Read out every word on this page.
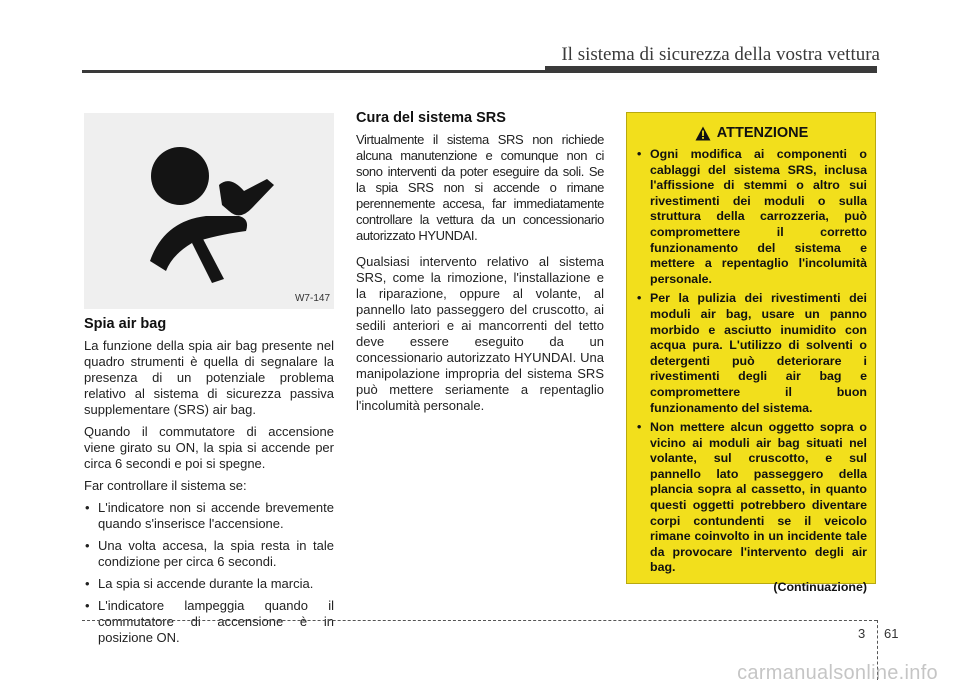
Il sistema di sicurezza della vostra vettura
W7-147
Spia air bag

La funzione della spia air bag presente nel quadro strumenti è quella di segnalare la presenza di un potenziale problema relativo al sistema di sicurezza passiva supplementare (SRS) air bag.

Quando il commutatore di accensione viene girato su ON, la spia si accende per circa 6 secondi e poi si spegne.

Far controllare il sistema se:

• L'indicatore non si accende brevemente quando s'inserisce l'accensione.
• Una volta accesa, la spia resta in tale condizione per circa 6 secondi.
• La spia si accende durante la marcia.
• L'indicatore lampeggia quando il commutatore di accensione è in posizione ON.
Cura del sistema SRS

Virtualmente il sistema SRS non richiede alcuna manutenzione e comunque non ci sono interventi da poter eseguire da soli. Se la spia SRS non si accende o rimane perennemente accesa, far immediatamente controllare la vettura da un concessionario autorizzato HYUNDAI.

Qualsiasi intervento relativo al sistema SRS, come la rimozione, l'installazione e la riparazione, oppure al volante, al pannello lato passeggero del cruscotto, ai sedili anteriori e ai mancorrenti del tetto deve essere eseguito da un concessionario autorizzato HYUNDAI. Una manipolazione impropria del sistema SRS può mettere seriamente a repentaglio l'incolumità personale.

ATTENZIONE
• Ogni modifica ai componenti o cablaggi del sistema SRS, inclusa l'affissione di stemmi o altro sui rivestimenti dei moduli o sulla struttura della carrozzeria, può compromettere il corretto funzionamento del sistema e mettere a repentaglio l'incolumità personale.
• Per la pulizia dei rivestimenti dei moduli air bag, usare un panno morbido e asciutto inumidito con acqua pura. L'utilizzo di solventi o detergenti può deteriorare i rivestimenti degli air bag e compromettere il buon funzionamento del sistema.
• Non mettere alcun oggetto sopra o vicino ai moduli air bag situati nel volante, sul cruscotto, e sul pannello lato passeggero della plancia sopra al cassetto, in quanto questi oggetti potrebbero diventare corpi contundenti se il veicolo rimane coinvolto in un incidente tale da provocare l'intervento degli air bag.
(Continuazione)
3 61
carmanualsonline.info
